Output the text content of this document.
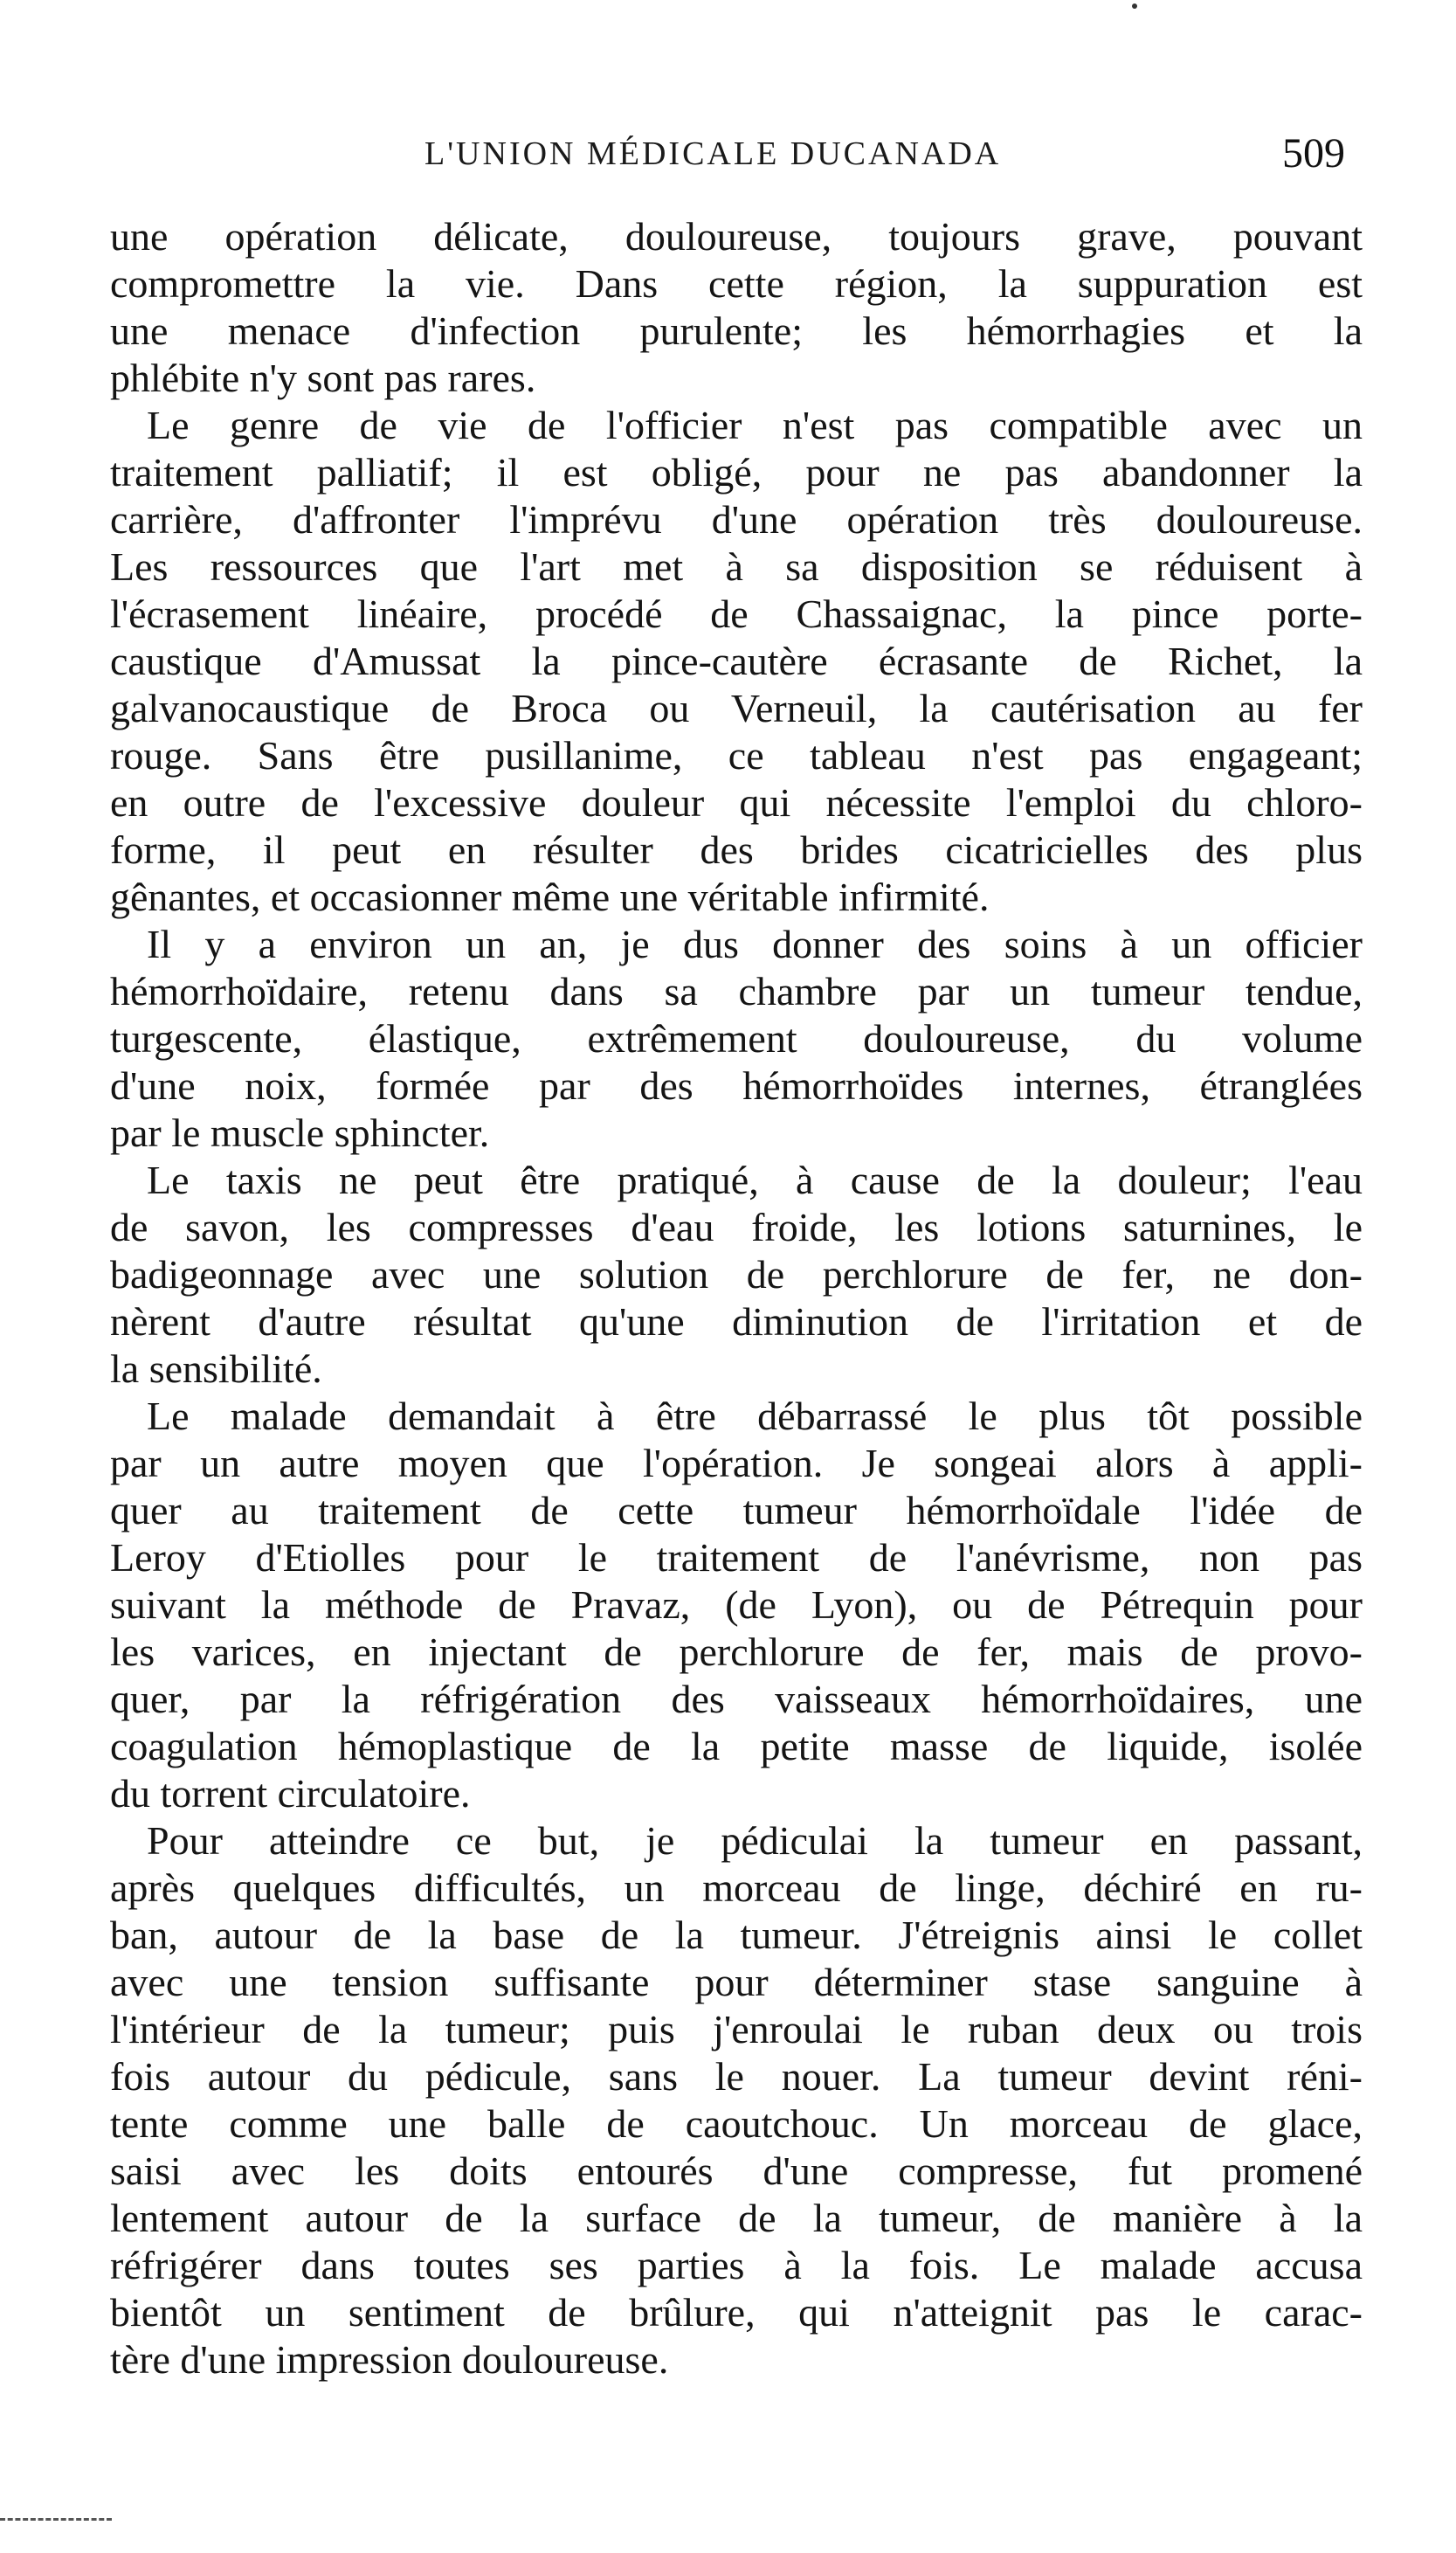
L'UNION MÉDICALE DUCANADA	509
une opération délicate, douloureuse, toujours grave, pouvant
compromettre la vie. Dans cette région, la suppuration est
une menace d'infection purulente; les hémorrhagies et la
phlébite n'y sont pas rares.
Le genre de vie de l'officier n'est pas compatible avec un
traitement palliatif; il est obligé, pour ne pas abandonner la
carrière, d'affronter l'imprévu d'une opération très douloureuse.
Les ressources que l'art met à sa disposition se réduisent à
l'écrasement linéaire, procédé de Chassaignac, la pince porte-
caustique d'Amussat la pince-cautère écrasante de Richet, la
galvanocaustique de Broca ou Verneuil, la cautérisation au fer
rouge. Sans être pusillanime, ce tableau n'est pas engageant;
en outre de l'excessive douleur qui nécessite l'emploi du chloro-
forme, il peut en résulter des brides cicatricielles des plus
gênantes, et occasionner même une véritable infirmité.
Il y a environ un an, je dus donner des soins à un officier
hémorrhoïdaire, retenu dans sa chambre par un tumeur tendue,
turgescente, élastique, extrêmement douloureuse, du volume
d'une noix, formée par des hémorrhoïdes internes, étranglées
par le muscle sphincter.
Le taxis ne peut être pratiqué, à cause de la douleur; l'eau
de savon, les compresses d'eau froide, les lotions saturnines, le
badigeonnage avec une solution de perchlorure de fer, ne don-
nèrent d'autre résultat qu'une diminution de l'irritation et de
la sensibilité.
Le malade demandait à être débarrassé le plus tôt possible
par un autre moyen que l'opération. Je songeai alors à appli-
quer au traitement de cette tumeur hémorrhoïdale l'idée de
Leroy d'Etiolles pour le traitement de l'anévrisme, non pas
suivant la méthode de Pravaz, (de Lyon), ou de Pétrequin pour
les varices, en injectant de perchlorure de fer, mais de provo-
quer, par la réfrigération des vaisseaux hémorrhoïdaires, une
coagulation hémoplastique de la petite masse de liquide, isolée
du torrent circulatoire.
Pour atteindre ce but, je pédiculai la tumeur en passant,
après quelques difficultés, un morceau de linge, déchiré en ru-
ban, autour de la base de la tumeur. J'étreignis ainsi le collet
avec une tension suffisante pour déterminer stase sanguine à
l'intérieur de la tumeur; puis j'enroulai le ruban deux ou trois
fois autour du pédicule, sans le nouer. La tumeur devint réni-
tente comme une balle de caoutchouc. Un morceau de glace,
saisi avec les doits entourés d'une compresse, fut promené
lentement autour de la surface de la tumeur, de manière à la
réfrigérer dans toutes ses parties à la fois. Le malade accusa
bientôt un sentiment de brûlure, qui n'atteignit pas le carac-
tère d'une impression douloureuse.
